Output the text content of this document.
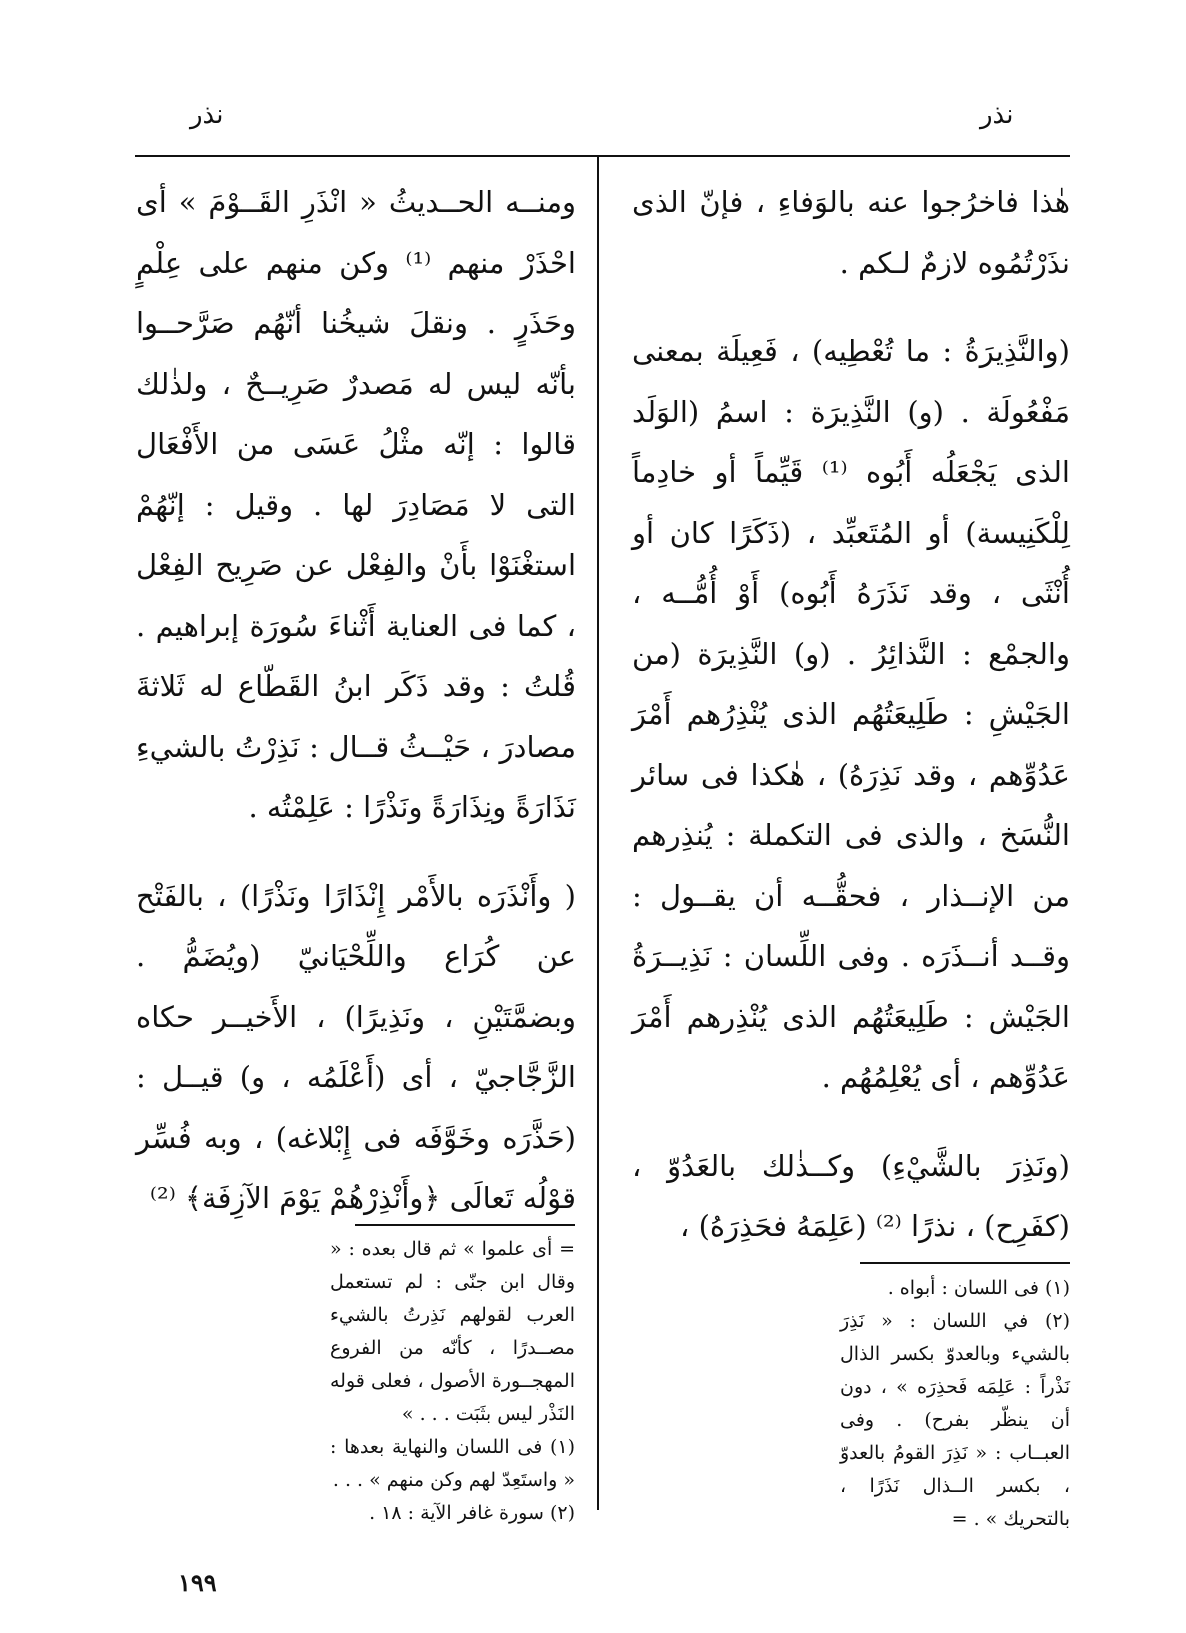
نذر	نذر

هٰذا فاخرُجوا عنه بالوَفاءِ ، فإنّ الذى نذَرْتُمُوه لازمٌ لـكم .

(والنَّذِيرَةُ : ما تُعْطِيه) ، فَعِيلَة بمعنى مَفْعُولَة . (و) النَّذِيرَة : اسمُ (الوَلَد الذى يَجْعَلُه أَبُوه ⁽¹⁾ قَيِّماً أو خادِماً لِلْكَنِيسة) أو المُتَعبِّد ، (ذَكَرًا كان أو أُنْثَى ، وقد نَذَرَهُ أَبُوه) أَوْ أُمُّــه ، والجمْع : النَّذائِرُ . (و) النَّذِيرَة (من الجَيْشِ : طَلِيعَتُهُم الذى يُنْذِرُهم أَمْرَ عَدُوِّهم ، وقد نَذِرَهُ) ، هٰكذا فى سائر النُّسَخ ، والذى فى التكملة : يُنذِرهم من الإنــذار ، فحقُّــه أن يقــول : وقــد أنــذَرَه . وفى اللِّسان : نَذِيــرَةُ الجَيْش : طَلِيعَتُهُم الذى يُنْذِرهم أَمْرَ عَدُوِّهم ، أى يُعْلِمُهُم .

(ونَذِرَ بالشَّيْءِ) وكــذٰلك بالعَدُوّ ، (كفَرِح) ، نذرًا ⁽²⁾ (عَلِمَهُ فحَذِرَهُ) ،

ومنــه الحــديثُ « انْذَرِ القَــوْمَ » أى احْذَرْ منهم ⁽¹⁾ وكن منهم على عِلْمٍ وحَذَرٍ . ونقلَ شيخُنا أنّهُم صَرَّحــوا بأنّه ليس له مَصدرٌ صَرِيــحٌ ، ولذٰلك قالوا : إنّه مثْلُ عَسَى من الأَفْعَال التى لا مَصَادِرَ لها . وقيل : إنّهُمْ استغْنَوْا بأَنْ والفِعْل عن صَرِيح الفِعْل ، كما فى العناية أَثْناءَ سُورَة إبراهيم . قُلتُ : وقد ذَكَر ابنُ القَطّاع له ثَلاثةَ مصادرَ ، حَيْــثُ قــال : نَذِرْتُ بالشيءِ نَذَارَةً ونِذَارَةً ونَذْرًا : عَلِمْتُه .

( وأَنْذَرَه بالأَمْر إِنْذَارًا ونَذْرًا) ، بالفَتْح عن كُرَاع واللِّحْيَانيّ (ويُضَمُّ . وبضمَّتَيْنِ ، ونَذِيرًا) ، الأَخيــر حكاه الزَّجَّاجيّ ، أى (أَعْلَمُه ، و) قيــل : (حَذَّرَه وخَوَّفَه فى إِبْلاغه) ، وبه فُسِّر قوْلُه تَعالَى ﴿وأَنْذِرْهُمْ يَوْمَ الآزِفَة﴾ ⁽²⁾

(١) فى اللسان : أبواه .

(٢) في اللسان : « نَذِرَ بالشيء وبالعدوّ بكسر الذال نَذْراً : عَلِمَه فَحذِرَه » ، دون أن ينظّر بفرح) . وفى العبــاب : « نَذِرَ القومُ بالعدوّ ، بكسر الــذال نَذَرًا ، بالتحريك » . =

= أى علموا » ثم قال بعده : « وقال ابن جنّى : لم تستعمل العرب لقولهم نَذِرتُ بالشيء مصــدرًا ، كأنّه من الفروع المهجــورة الأصول ، فعلى قوله النَذْر ليس بثَبَت . . . »

(١) فى اللسان والنهاية بعدها : « واستَعِدّ لهم وكن منهم » . . .

(٢) سورة غافر الآية : ١٨ .

١٩٩
